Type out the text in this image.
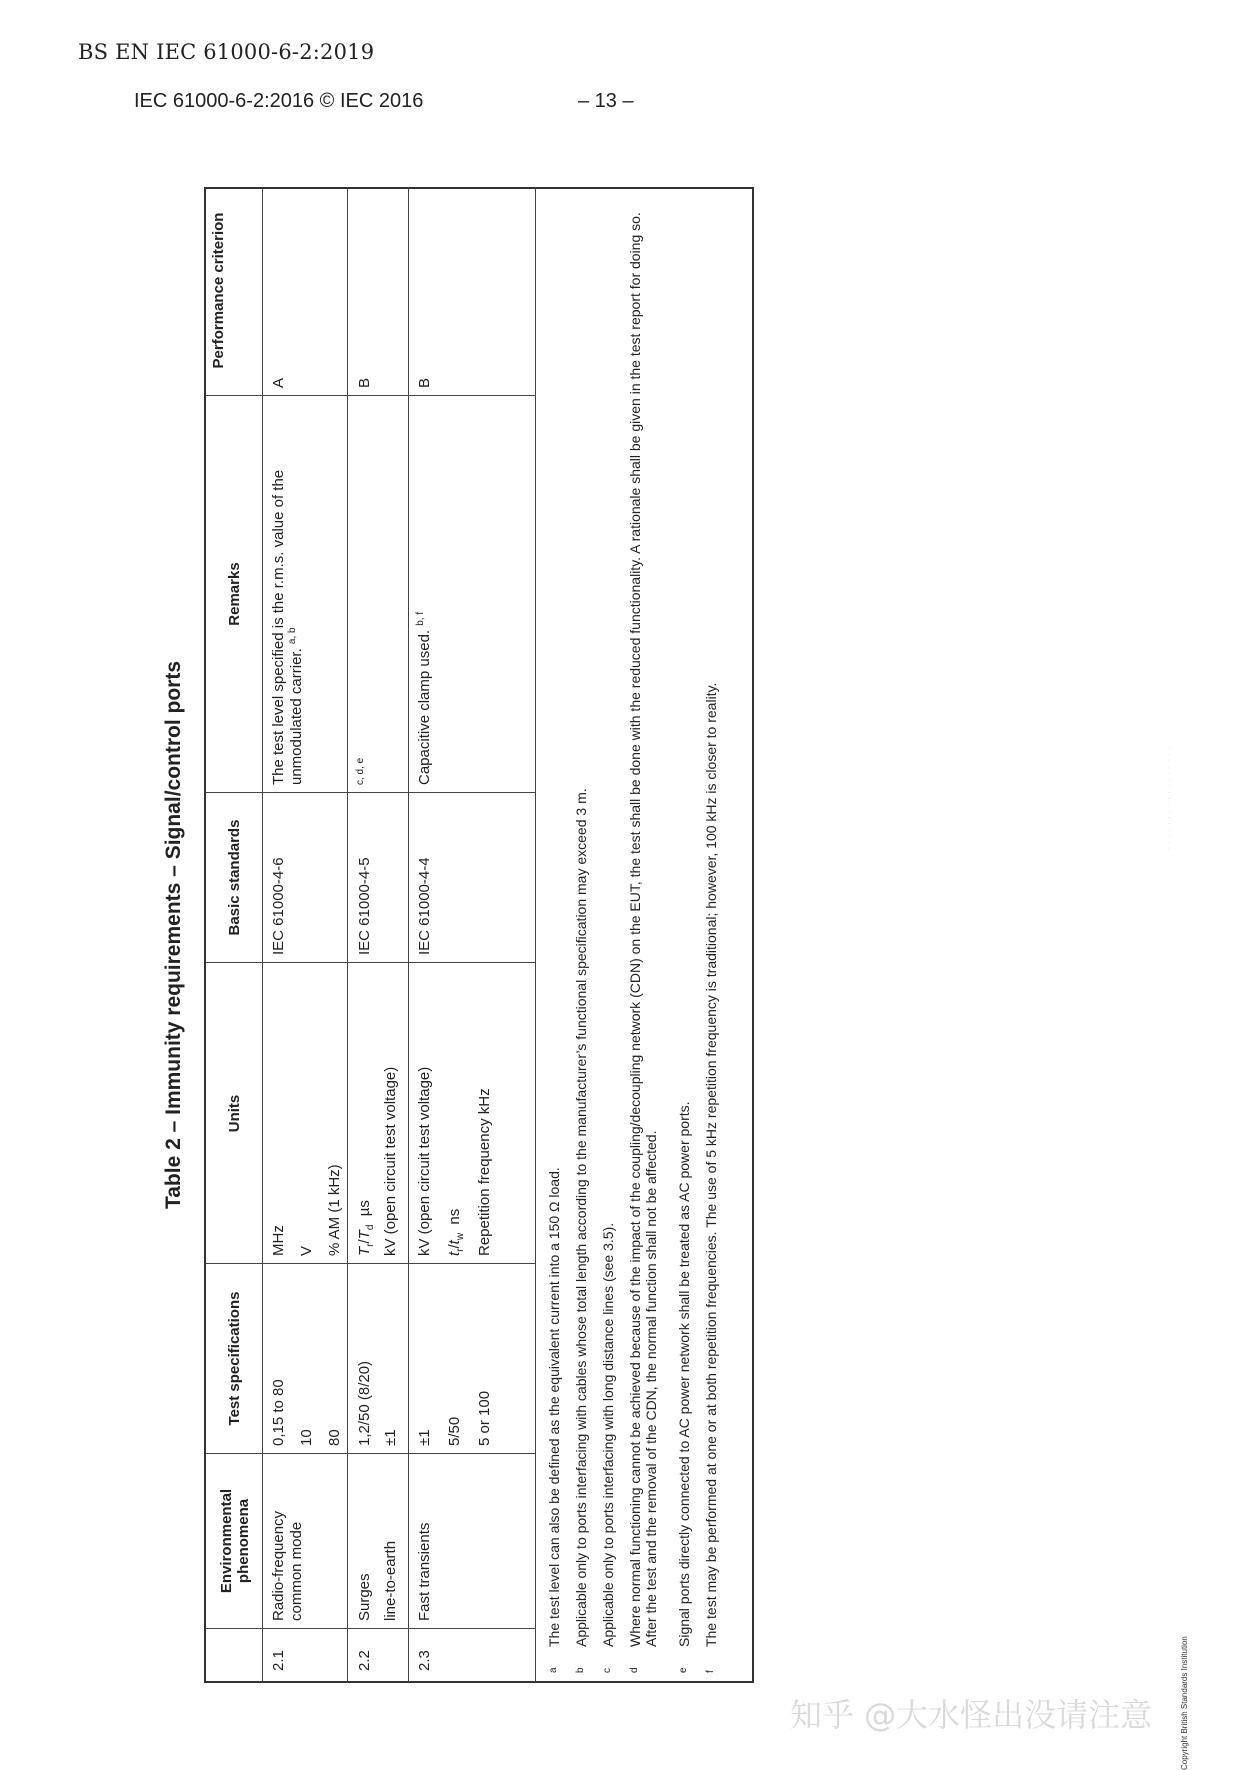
BS EN IEC 61000-6-2:2019
IEC 61000-6-2:2016 © IEC 2016	– 13 –
Table 2 – Immunity requirements – Signal/control ports
Environmental phenomena
Test specifications
Units
Basic standards
Remarks
Performance criterion
2.1
Radio-frequency common mode
0,15 to 80 10 80
MHz V % AM (1 kHz)
IEC 61000-4-6
The test level specified is the r.m.s. value of the unmodulated carrier. $^{a, b}$
A
2.2
Surges line-to-earth
1,2/50 (8/20) ±1
$T_r/T_d$  µs kV (open circuit test voltage)
IEC 61000-4-5
$^{c, d, e}$
B
2.3
Fast transients
±1 5/50 5 or 100
kV (open circuit test voltage) $t_r/t_w$  ns Repetition frequency kHz
IEC 61000-4-4
Capacitive clamp used. $^{b, f}$
B
a
The test level can also be defined as the equivalent current into a 150 Ω load.
b
Applicable only to ports interfacing with cables whose total length according to the manufacturer’s functional specification may exceed 3 m.
c
Applicable only to ports interfacing with long distance lines (see 3.5).
d
Where normal functioning cannot be achieved because of the impact of the coupling/decoupling network (CDN) on the EUT, the test shall be done with the reduced functionality. A rationale shall be given in the test report for doing so. After the test and the removal of the CDN, the normal function shall not be affected.
e
Signal ports directly connected to AC power network shall be treated as AC power ports.
f
The test may be performed at one or at both repetition frequencies. The use of 5 kHz repetition frequency is traditional; however, 100 kHz is closer to reality.	· · · · · · · · · · · · · · · · ·
Copyright British Standards Institution
知乎 @大水怪出没请注意
